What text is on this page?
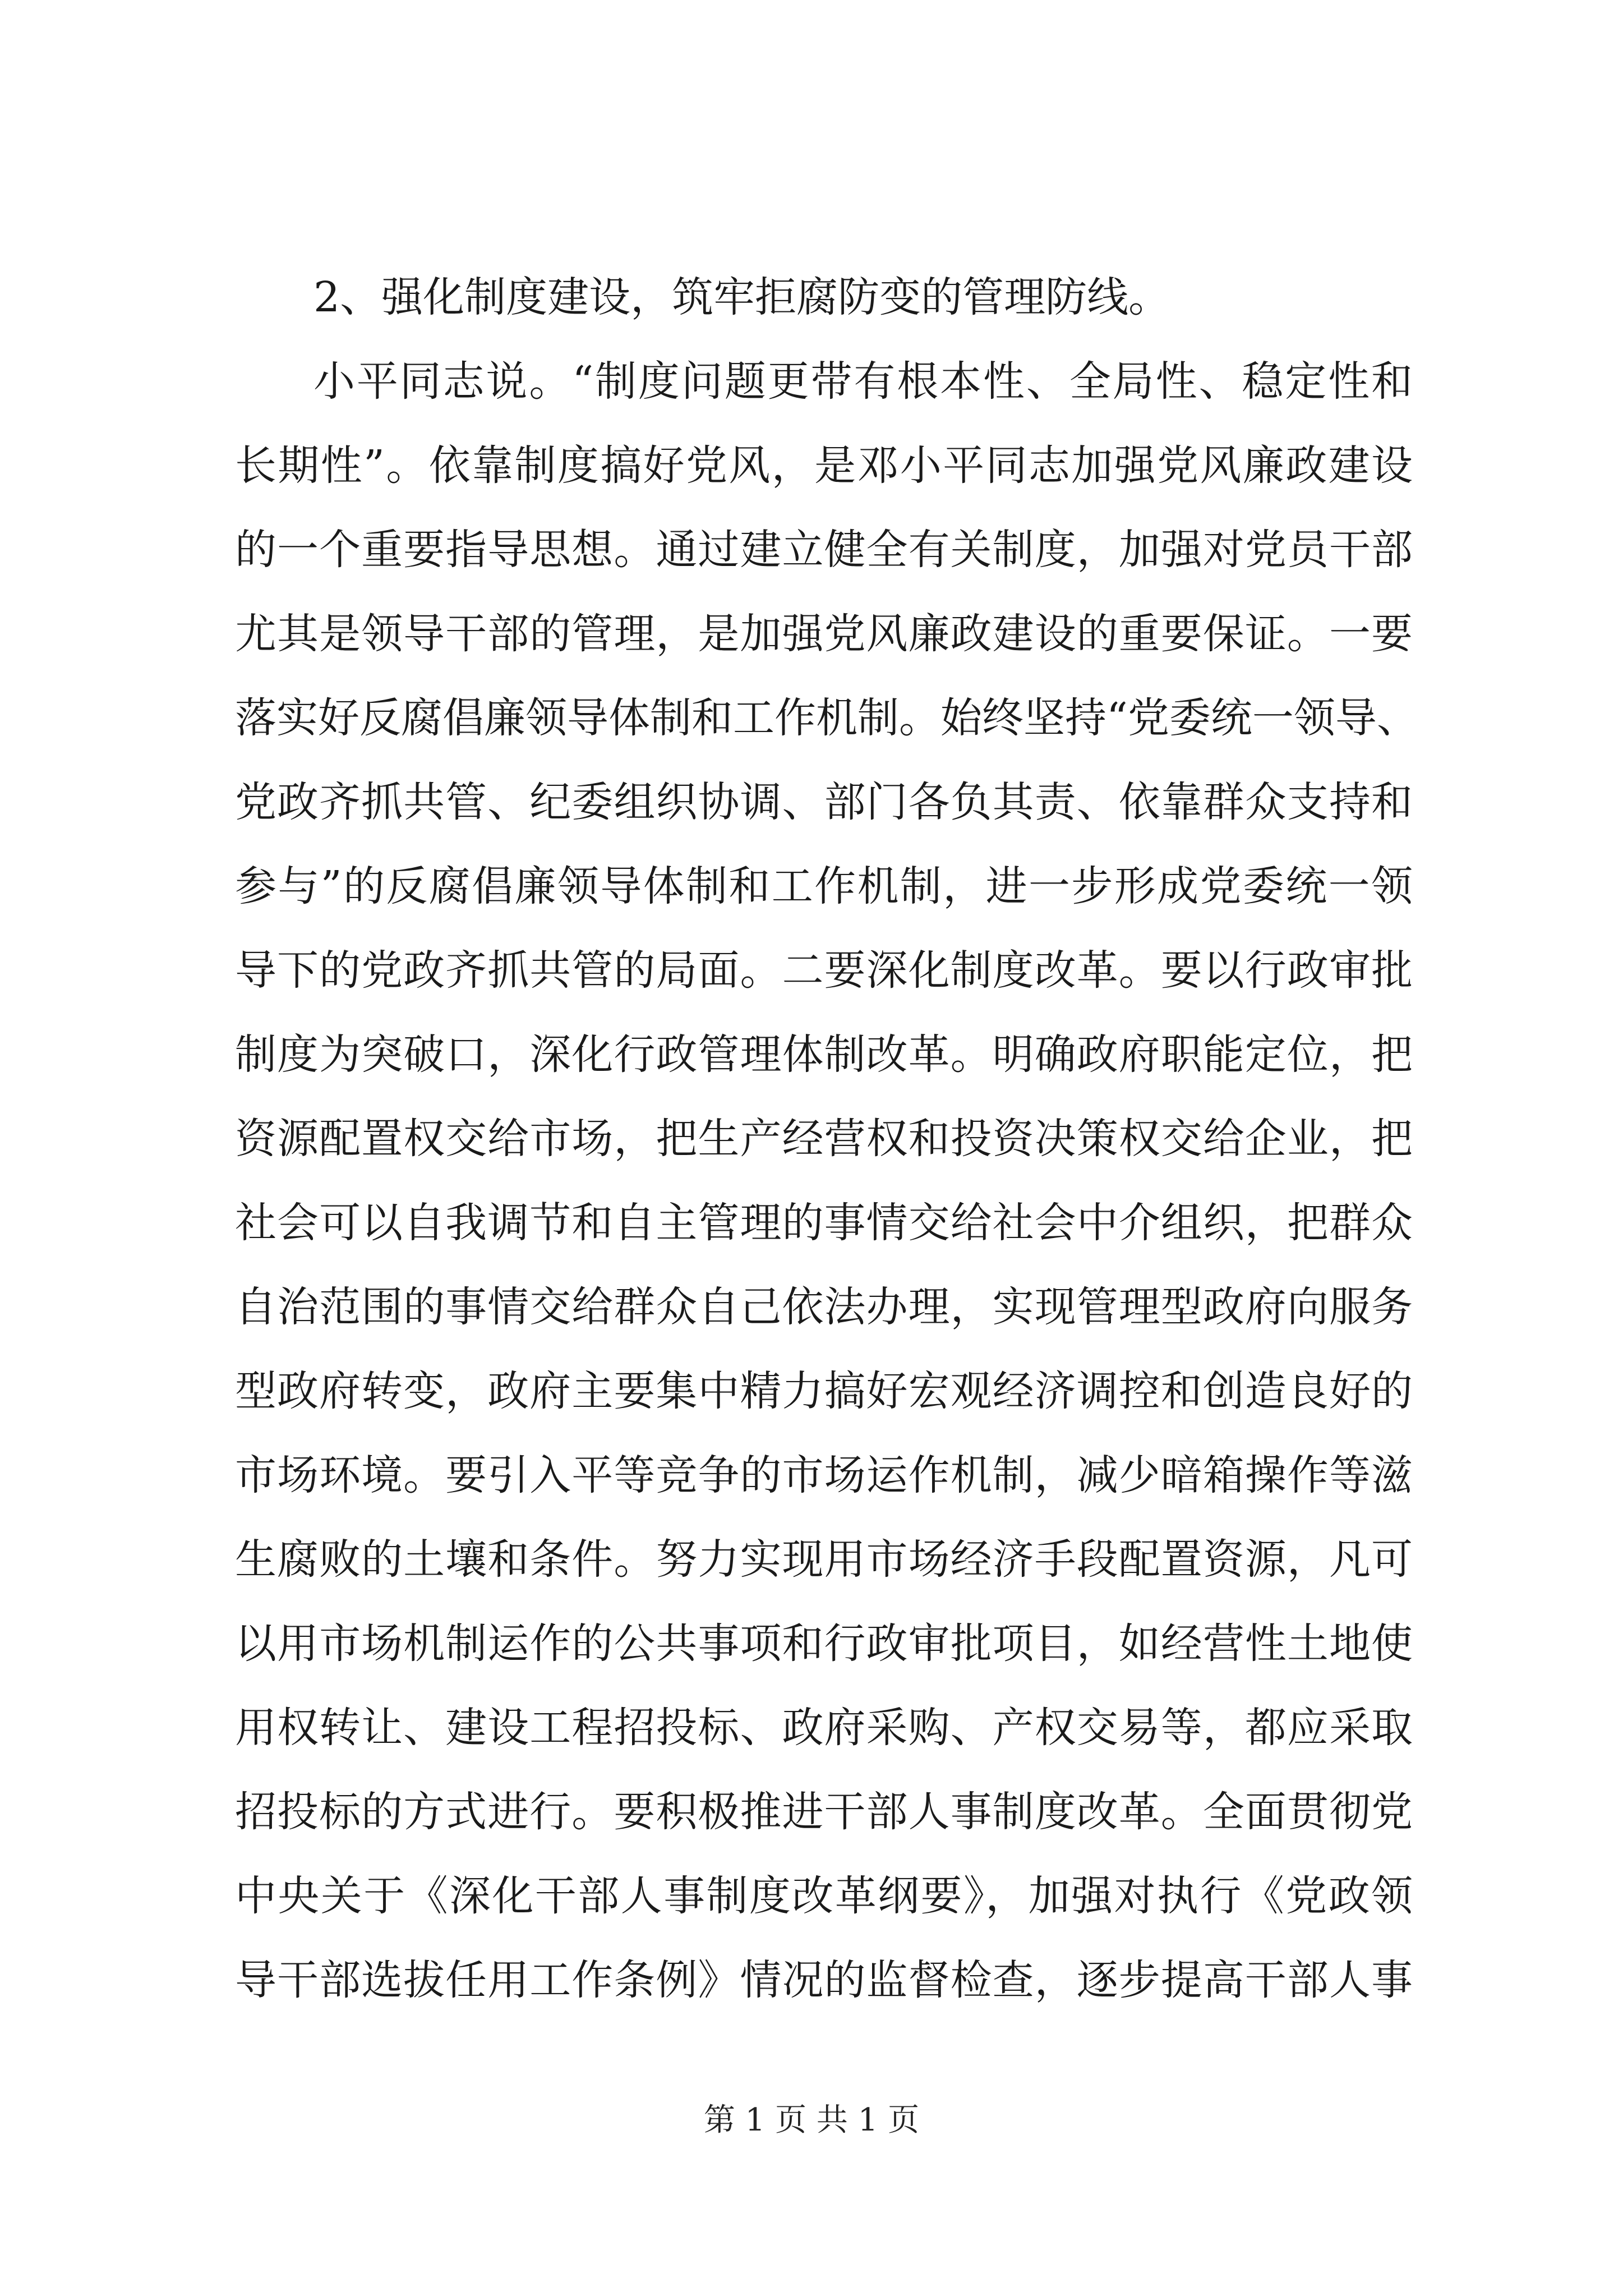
2、强化制度建设，筑牢拒腐防变的管理防线。
小平同志说。“制度问题更带有根本性、全局性、稳定性和
长期性”。依靠制度搞好党风，是邓小平同志加强党风廉政建设
的一个重要指导思想。通过建立健全有关制度，加强对党员干部
尤其是领导干部的管理，是加强党风廉政建设的重要保证。一要
落实好反腐倡廉领导体制和工作机制。始终坚持“党委统一领导、
党政齐抓共管、纪委组织协调、部门各负其责、依靠群众支持和
参与”的反腐倡廉领导体制和工作机制，进一步形成党委统一领
导下的党政齐抓共管的局面。二要深化制度改革。要以行政审批
制度为突破口，深化行政管理体制改革。明确政府职能定位，把
资源配置权交给市场，把生产经营权和投资决策权交给企业，把
社会可以自我调节和自主管理的事情交给社会中介组织，把群众
自治范围的事情交给群众自己依法办理，实现管理型政府向服务
型政府转变，政府主要集中精力搞好宏观经济调控和创造良好的
市场环境。要引入平等竞争的市场运作机制，减少暗箱操作等滋
生腐败的土壤和条件。努力实现用市场经济手段配置资源，凡可
以用市场机制运作的公共事项和行政审批项目，如经营性土地使
用权转让、建设工程招投标、政府采购、产权交易等，都应采取
招投标的方式进行。要积极推进干部人事制度改革。全面贯彻党
中央关于《深化干部人事制度改革纲要》，加强对执行《党政领
导干部选拔任用工作条例》情况的监督检查，逐步提高干部人事
第 1 页 共 1 页
